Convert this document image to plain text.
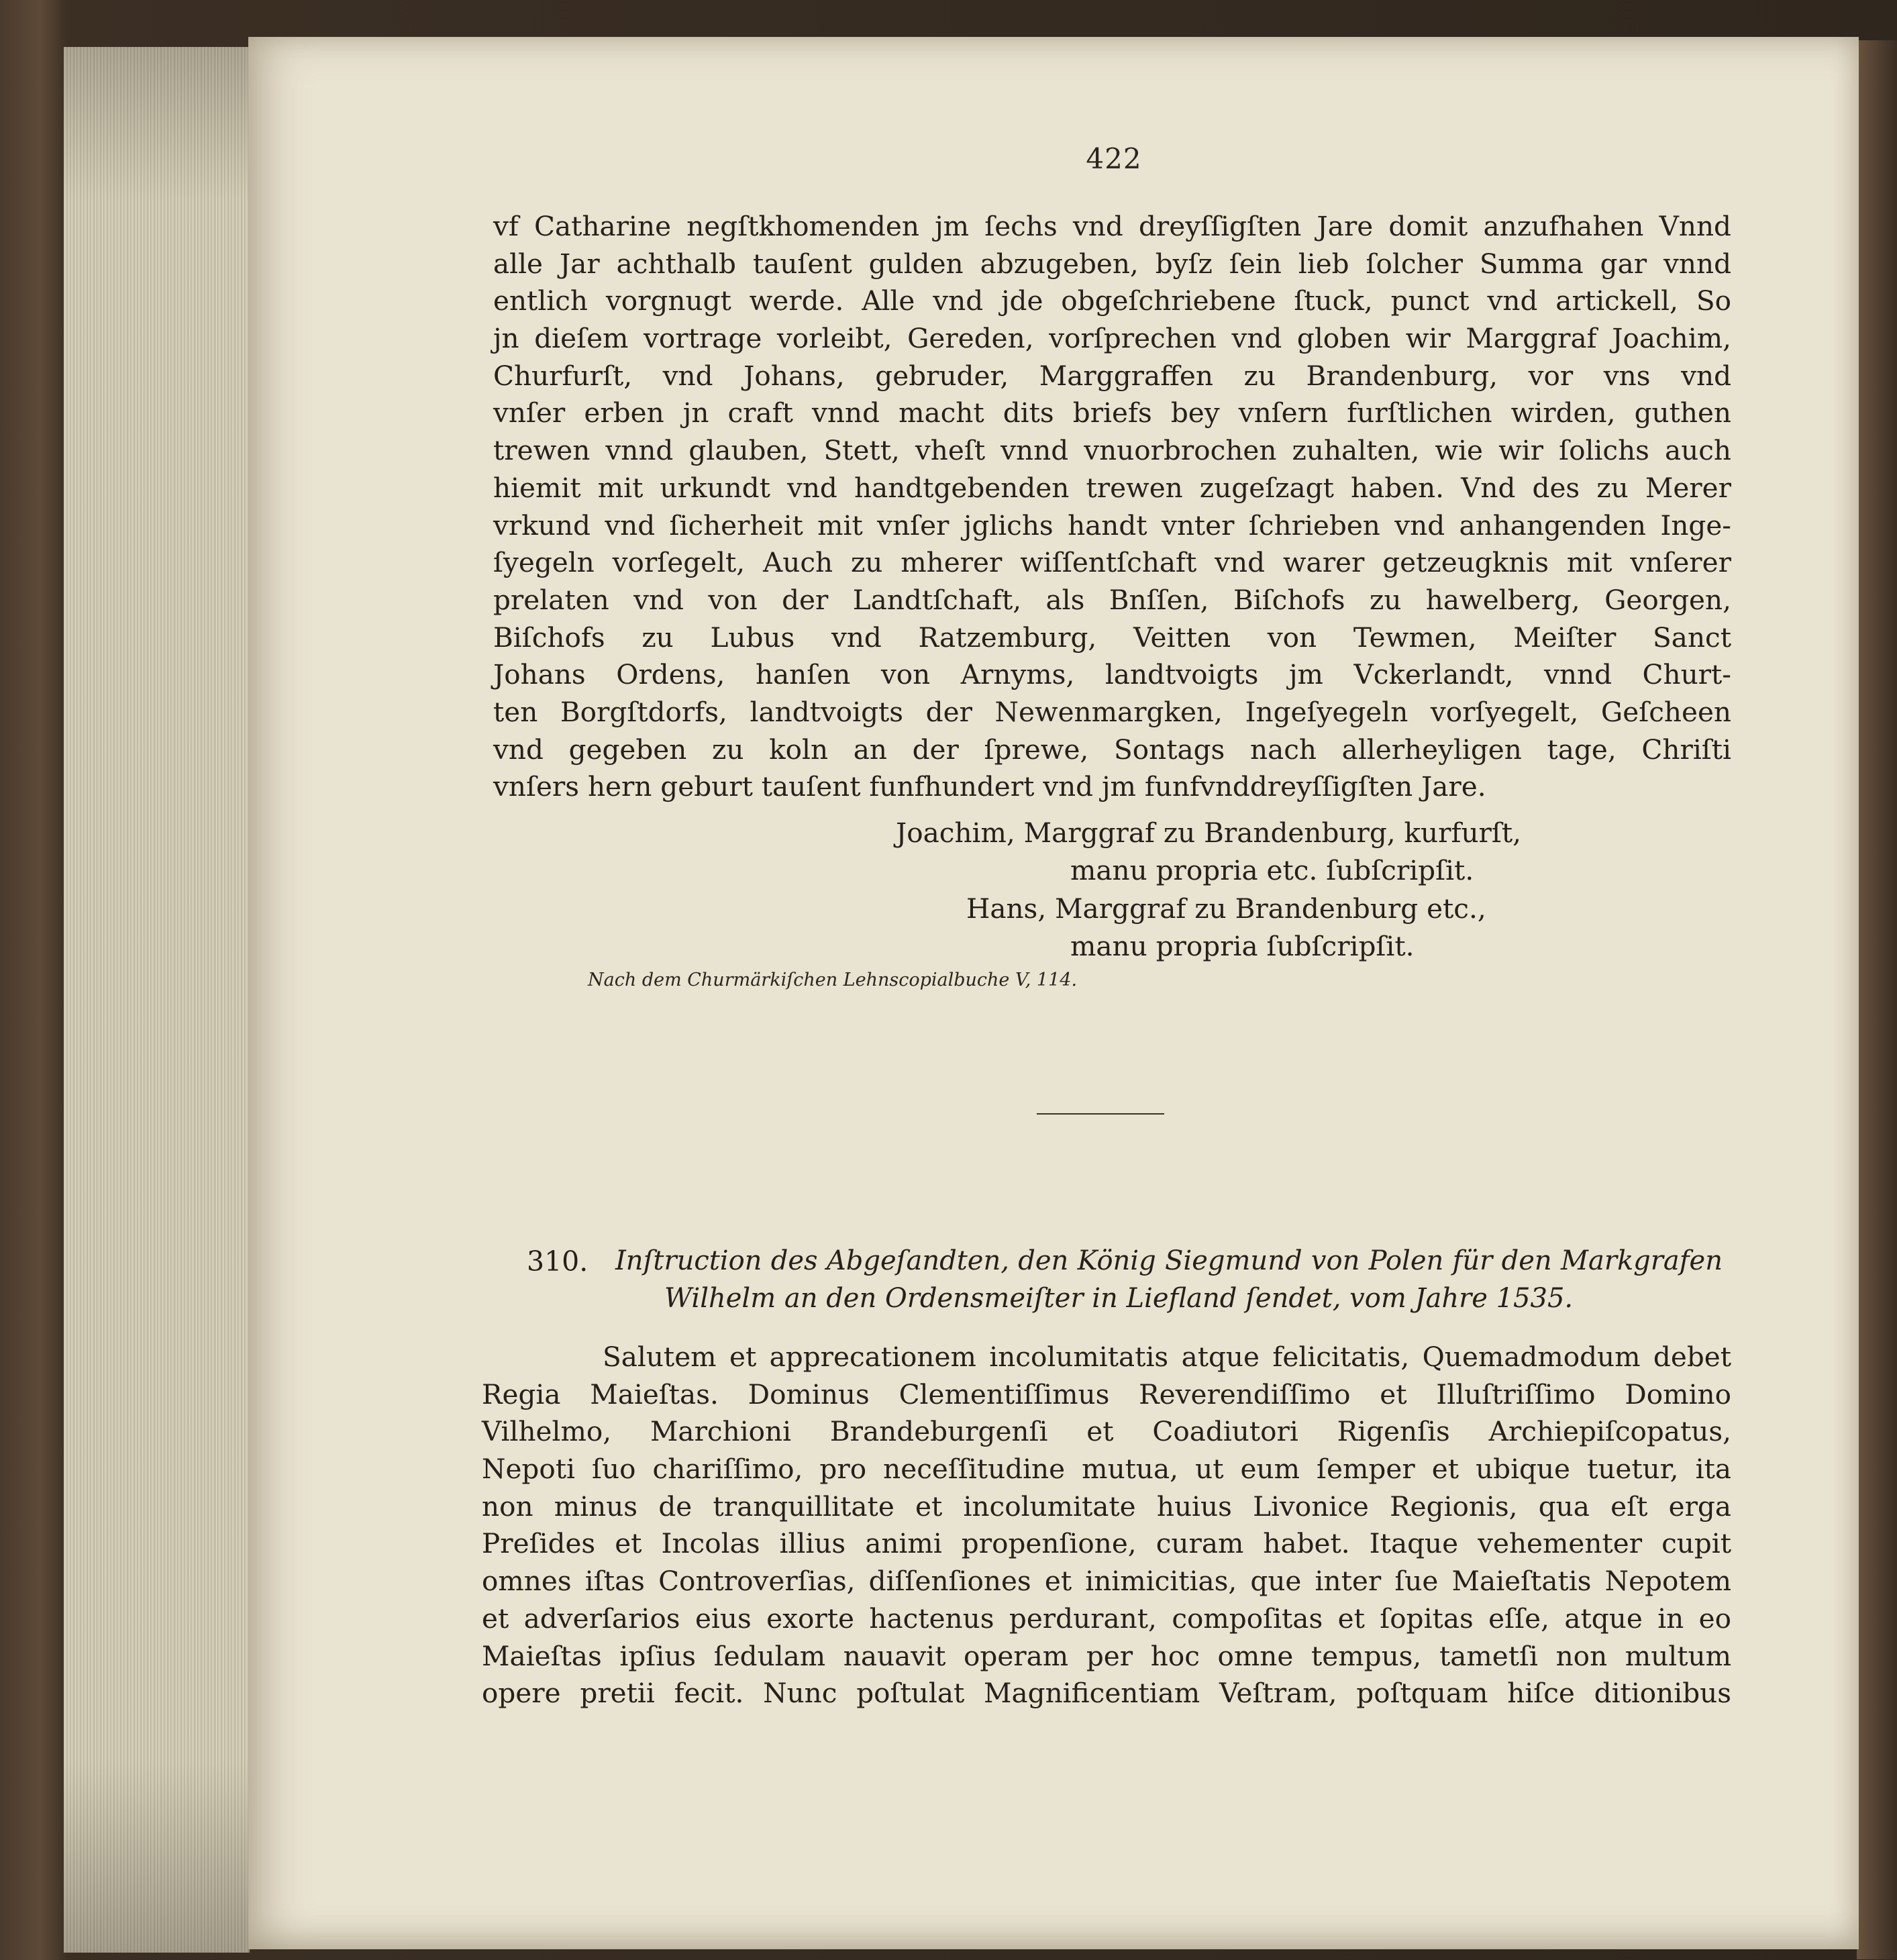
422
vf Catharine negſtkhomenden jm ſechs vnd dreyſſigſten Jare domit anzufhahen Vnnd
alle Jar achthalb tauſent gulden abzugeben, byſz ſein lieb ſolcher Summa gar vnnd
entlich vorgnugt werde. Alle vnd jde obgeſchriebene ſtuck, punct vnd artickell, So
jn dieſem vortrage vorleibt, Gereden, vorſprechen vnd globen wir Marggraf Joachim,
Churfurſt, vnd Johans, gebruder, Marggraffen zu Brandenburg, vor vns vnd
vnſer erben jn craft vnnd macht dits briefs bey vnſern furſtlichen wirden, guthen
trewen vnnd glauben, Stett, vheſt vnnd vnuorbrochen zuhalten, wie wir ſolichs auch
hiemit mit urkundt vnd handtgebenden trewen zugeſzagt haben. Vnd des zu Merer
vrkund vnd ſicherheit mit vnſer jglichs handt vnter ſchrieben vnd anhangenden Inge-
ſyegeln vorſegelt, Auch zu mherer wiſſentſchaft vnd warer getzeugknis mit vnſerer
prelaten vnd von der Landtſchaft, als Bnſſen, Biſchofs zu hawelberg, Georgen,
Biſchofs zu Lubus vnd Ratzemburg, Veitten von Tewmen, Meiſter Sanct
Johans Ordens, hanſen von Arnyms, landtvoigts jm Vckerlandt, vnnd Churt-
ten Borgſtdorfs, landtvoigts der Newenmargken, Ingeſyegeln vorſyegelt, Geſcheen
vnd gegeben zu koln an der ſprewe, Sontags nach allerheyligen tage, Chriſti
vnſers hern geburt tauſent funfhundert vnd jm funfvnddreyſſigſten Jare.
Joachim, Marggraf zu Brandenburg, kurfurſt,
manu propria etc. ſubſcripſit.
Hans, Marggraf zu Brandenburg etc.,
manu propria ſubſcripſit.
Nach dem Churmärkiſchen Lehnscopialbuche V, 114.
310. Inſtruction des Abgeſandten, den König Siegmund von Polen für den Markgrafen
Wilhelm an den Ordensmeiſter in Liefland ſendet, vom Jahre 1535.
Salutem et apprecationem incolumitatis atque felicitatis, Quemadmodum debet
Regia Maieſtas. Dominus Clementiſſimus Reverendiſſimo et Illuſtriſſimo Domino
Vilhelmo, Marchioni Brandeburgenſi et Coadiutori Rigenſis Archiepiſcopatus,
Nepoti ſuo chariſſimo, pro neceſſitudine mutua, ut eum ſemper et ubique tuetur, ita
non minus de tranquillitate et incolumitate huius Livonice Regionis, qua eſt erga
Preſides et Incolas illius animi propenſione, curam habet. Itaque vehementer cupit
omnes iſtas Controverſias, diſſenſiones et inimicitias, que inter ſue Maieſtatis Nepotem
et adverſarios eius exorte hactenus perdurant, compoſitas et ſopitas eſſe, atque in eo
Maieſtas ipſius ſedulam nauavit operam per hoc omne tempus, tametſi non multum
opere pretii fecit. Nunc poſtulat Magnificentiam Veſtram, poſtquam hiſce ditionibus
